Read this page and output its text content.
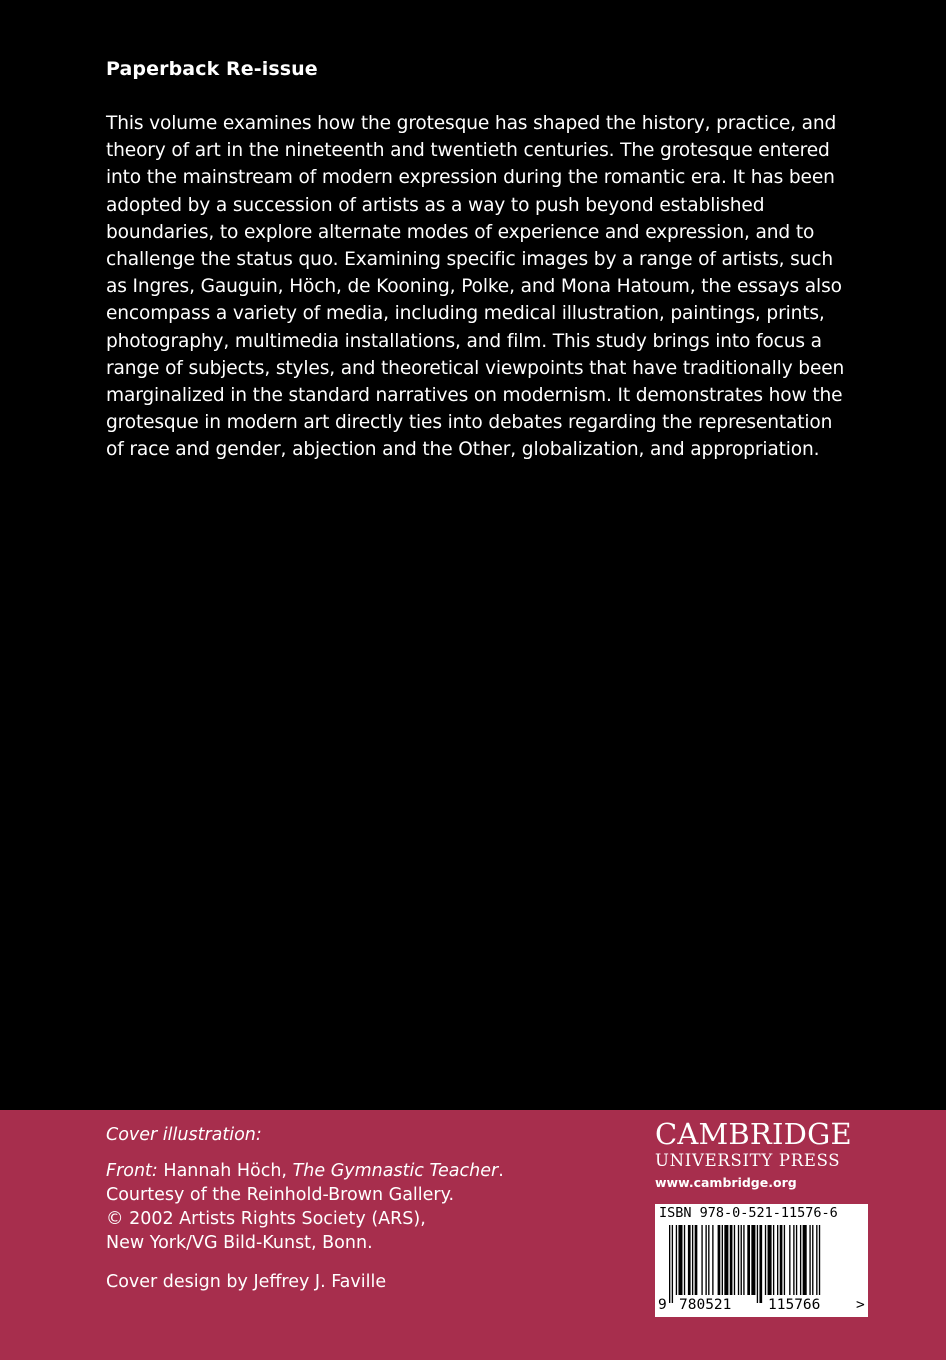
Paperback Re-issue

This volume examines how the grotesque has shaped the history, practice, and theory of art in the nineteenth and twentieth centuries. The grotesque entered into the mainstream of modern expression during the romantic era. It has been adopted by a succession of artists as a way to push beyond established boundaries, to explore alternate modes of experience and expression, and to challenge the status quo. Examining specific images by a range of artists, such as Ingres, Gauguin, Höch, de Kooning, Polke, and Mona Hatoum, the essays also encompass a variety of media, including medical illustration, paintings, prints, photography, multimedia installations, and film. This study brings into focus a range of subjects, styles, and theoretical viewpoints that have traditionally been marginalized in the standard narratives on modernism. It demonstrates how the grotesque in modern art directly ties into debates regarding the representation of race and gender, abjection and the Other, globalization, and appropriation.

Cover illustration:

Front: Hannah Höch, The Gymnastic Teacher.

Courtesy of the Reinhold-Brown Gallery.

© 2002 Artists Rights Society (ARS),

New York/VG Bild-Kunst, Bonn.

Cover design by Jeffrey J. Faville

CAMBRIDGE
UNIVERSITY PRESS
www.cambridge.org
ISBN 978-0-521-11576-6
9 780521	115766 >
